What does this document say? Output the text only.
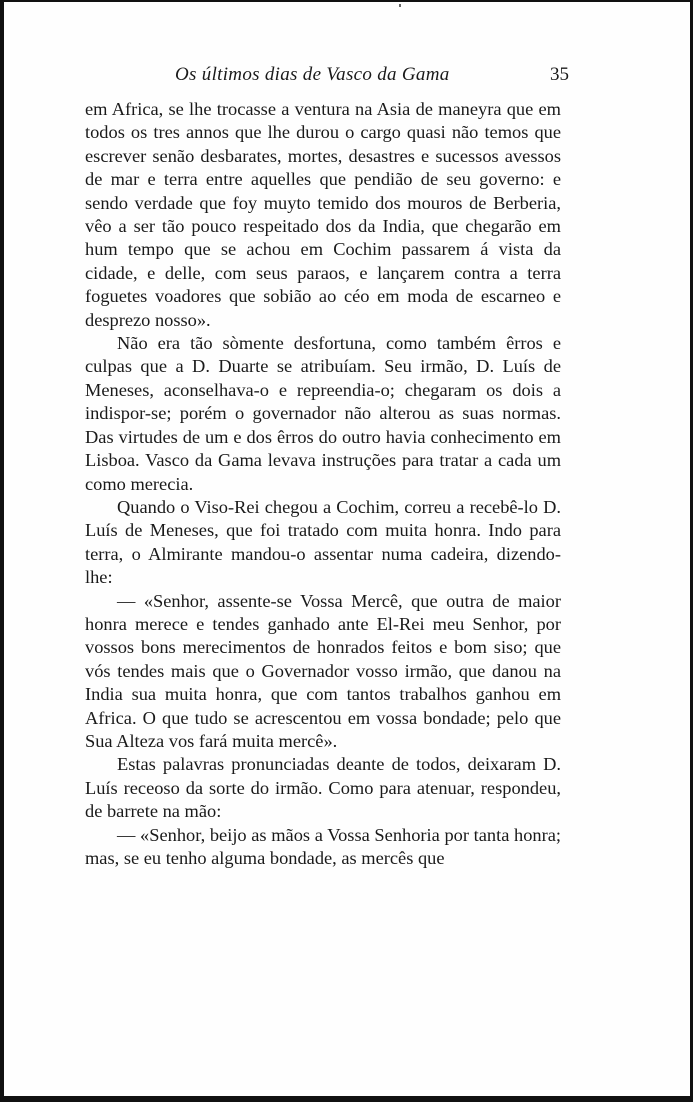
Os últimos dias de Vasco da Gama	35

em Africa, se lhe trocasse a ventura na Asia de maneyra que em todos os tres annos que lhe durou o cargo quasi não temos que escrever senão desbarates, mortes, desastres e sucessos avessos de mar e terra entre aquelles que pendião de seu governo: e sendo verdade que foy muyto temido dos mouros de Berberia, vêo a ser tão pouco respeitado dos da India, que chegarão em hum tempo que se achou em Cochim passarem á vista da cidade, e delle, com seus paraos, e lançarem contra a terra foguetes voadores que sobião ao céo em moda de escarneo e desprezo nosso».

Não era tão sòmente desfortuna, como também êrros e culpas que a D. Duarte se atribuíam. Seu irmão, D. Luís de Meneses, aconselhava-o e repreendia-o; chegaram os dois a indispor-se; porém o governador não alterou as suas normas. Das virtudes de um e dos êrros do outro havia conhecimento em Lisboa. Vasco da Gama levava instruções para tratar a cada um como merecia.

Quando o Viso-Rei chegou a Cochim, correu a recebê-lo D. Luís de Meneses, que foi tratado com muita honra. Indo para terra, o Almirante mandou-o assentar numa cadeira, dizendo-lhe:

— «Senhor, assente-se Vossa Mercê, que outra de maior honra merece e tendes ganhado ante El-Rei meu Senhor, por vossos bons merecimentos de honrados feitos e bom siso; que vós tendes mais que o Governador vosso irmão, que danou na India sua muita honra, que com tantos trabalhos ganhou em Africa. O que tudo se acrescentou em vossa bondade; pelo que Sua Alteza vos fará muita mercê».

Estas palavras pronunciadas deante de todos, deixaram D. Luís receoso da sorte do irmão. Como para atenuar, respondeu, de barrete na mão:

— «Senhor, beijo as mãos a Vossa Senhoria por tanta honra; mas, se eu tenho alguma bondade, as mercês que
